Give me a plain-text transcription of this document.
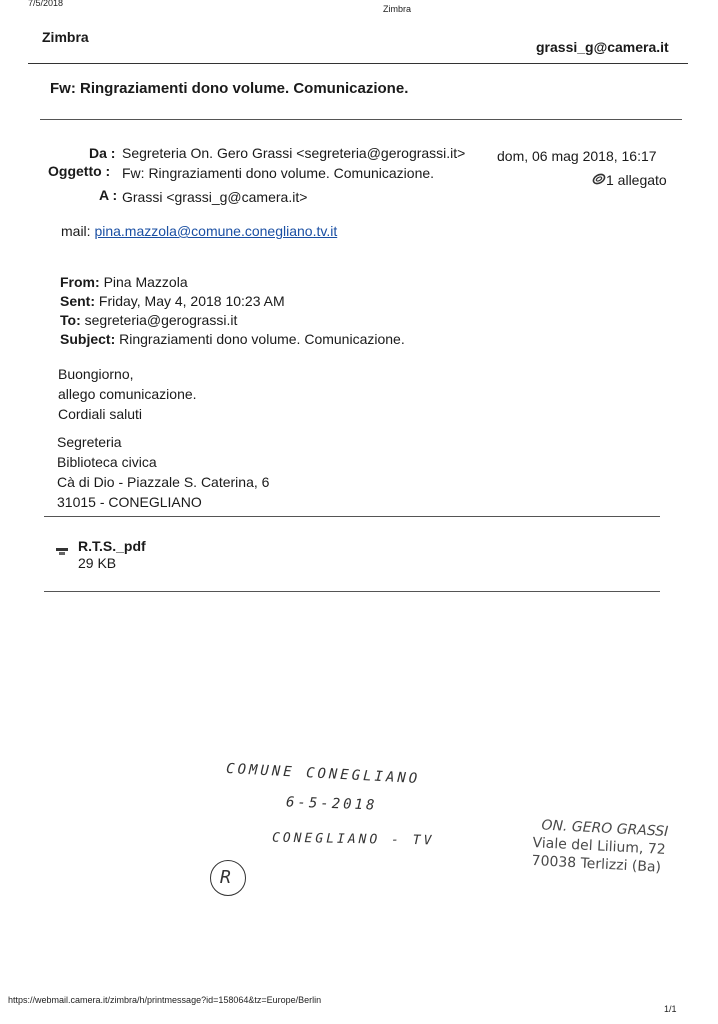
7/5/2018
Zimbra
Zimbra
grassi_g@camera.it
Fw: Ringraziamenti dono volume. Comunicazione.
Da : Segreteria On. Gero Grassi <segreteria@gerograssi.it> dom, 06 mag 2018, 16:17
Oggetto : Fw: Ringraziamenti dono volume. Comunicazione.	1 allegato
A : Grassi <grassi_g@camera.it>
mail: pina.mazzola@comune.conegliano.tv.it
From: Pina Mazzola
Sent: Friday, May 4, 2018 10:23 AM
To: segreteria@gerograssi.it
Subject: Ringraziamenti dono volume. Comunicazione.
Buongiorno,
allego comunicazione.
Cordiali saluti
Segreteria
Biblioteca civica
Cà di Dio - Piazzale S. Caterina, 6
31015 - CONEGLIANO
R.T.S._pdf
29 KB
COMUNE CONEGLIANO
6-5-2018
CONEGLIANO - TV
R
ON. GERO GRASSI
Viale del Lilium, 72
70038 Terlizzi (Ba)
https://webmail.camera.it/zimbra/h/printmessage?id=158064&tz=Europe/Berlin
1/1
